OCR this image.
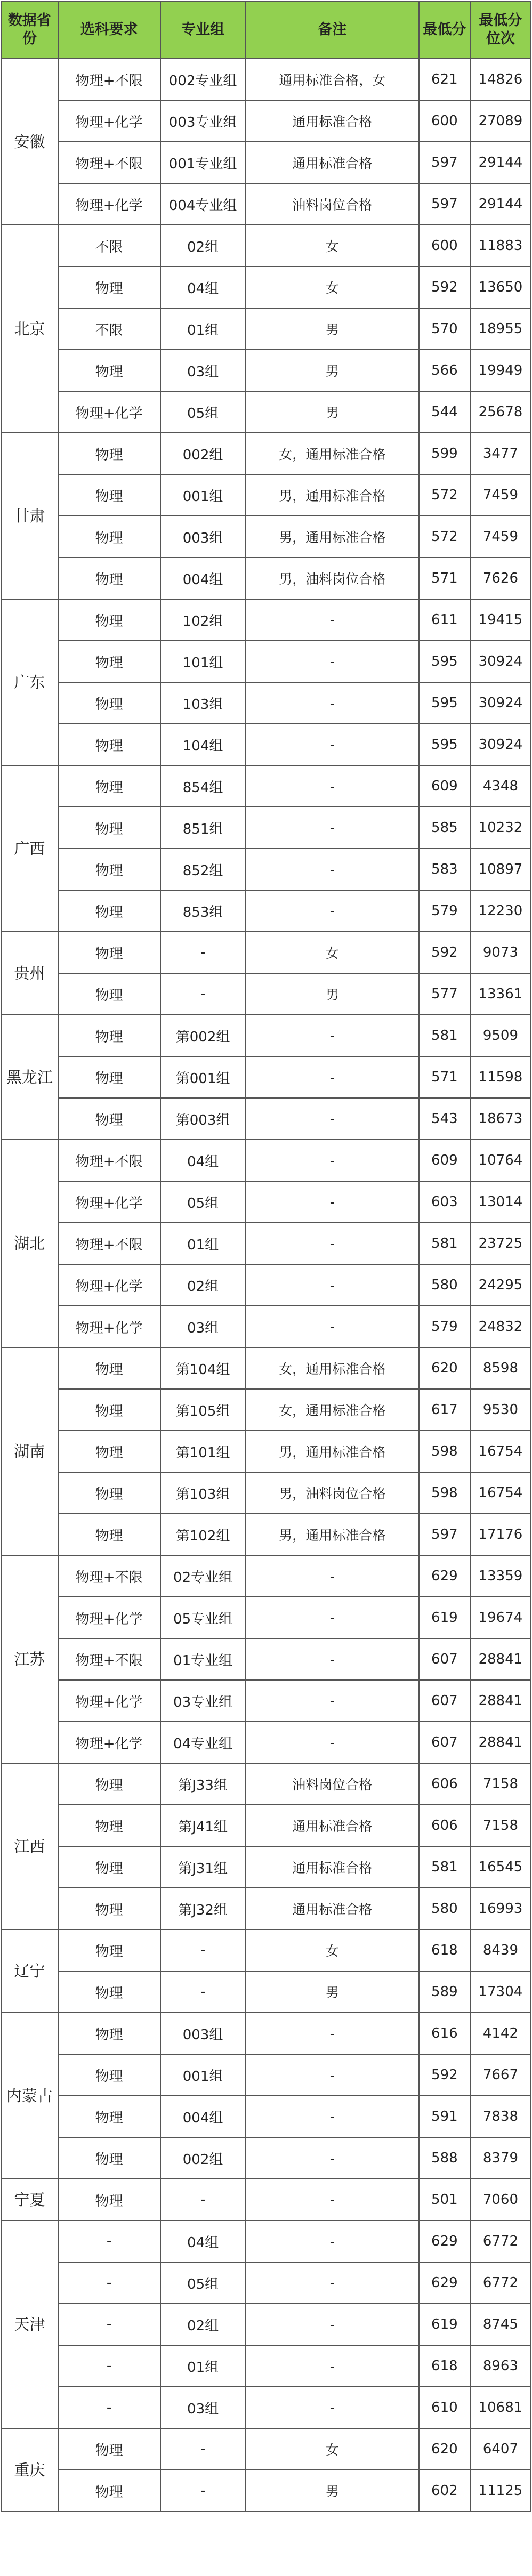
数据省份	选科要求	专业组	备注	最低分	最低分位次
安徽	物理+不限	002专业组	通用标准合格，女	621	14826
	物理+化学	003专业组	通用标准合格	600	27089
	物理+不限	001专业组	通用标准合格	597	29144
	物理+化学	004专业组	油料岗位合格	597	29144
北京	不限	02组	女	600	11883
	物理	04组	女	592	13650
	不限	01组	男	570	18955
	物理	03组	男	566	19949
	物理+化学	05组	男	544	25678
甘肃	物理	002组	女，通用标准合格	599	3477
	物理	001组	男，通用标准合格	572	7459
	物理	003组	男，通用标准合格	572	7459
	物理	004组	男，油料岗位合格	571	7626
广东	物理	102组	-	611	19415
	物理	101组	-	595	30924
	物理	103组	-	595	30924
	物理	104组	-	595	30924
广西	物理	854组	-	609	4348
	物理	851组	-	585	10232
	物理	852组	-	583	10897
	物理	853组	-	579	12230
贵州	物理	-	女	592	9073
	物理	-	男	577	13361
黑龙江	物理	第002组	-	581	9509
	物理	第001组	-	571	11598
	物理	第003组	-	543	18673
湖北	物理+不限	04组	-	609	10764
	物理+化学	05组	-	603	13014
	物理+不限	01组	-	581	23725
	物理+化学	02组	-	580	24295
	物理+化学	03组	-	579	24832
湖南	物理	第104组	女，通用标准合格	620	8598
	物理	第105组	女，通用标准合格	617	9530
	物理	第101组	男，通用标准合格	598	16754
	物理	第103组	男，油料岗位合格	598	16754
	物理	第102组	男，通用标准合格	597	17176
江苏	物理+不限	02专业组	-	629	13359
	物理+化学	05专业组	-	619	19674
	物理+不限	01专业组	-	607	28841
	物理+化学	03专业组	-	607	28841
	物理+化学	04专业组	-	607	28841
江西	物理	第J33组	油料岗位合格	606	7158
	物理	第J41组	通用标准合格	606	7158
	物理	第J31组	通用标准合格	581	16545
	物理	第J32组	通用标准合格	580	16993
辽宁	物理	-	女	618	8439
	物理	-	男	589	17304
内蒙古	物理	003组	-	616	4142
	物理	001组	-	592	7667
	物理	004组	-	591	7838
	物理	002组	-	588	8379
宁夏	物理	-	-	501	7060
天津	-	04组	-	629	6772
	-	05组	-	629	6772
	-	02组	-	619	8745
	-	01组	-	618	8963
	-	03组	-	610	10681
重庆	物理	-	女	620	6407
	物理	-	男	602	11125
